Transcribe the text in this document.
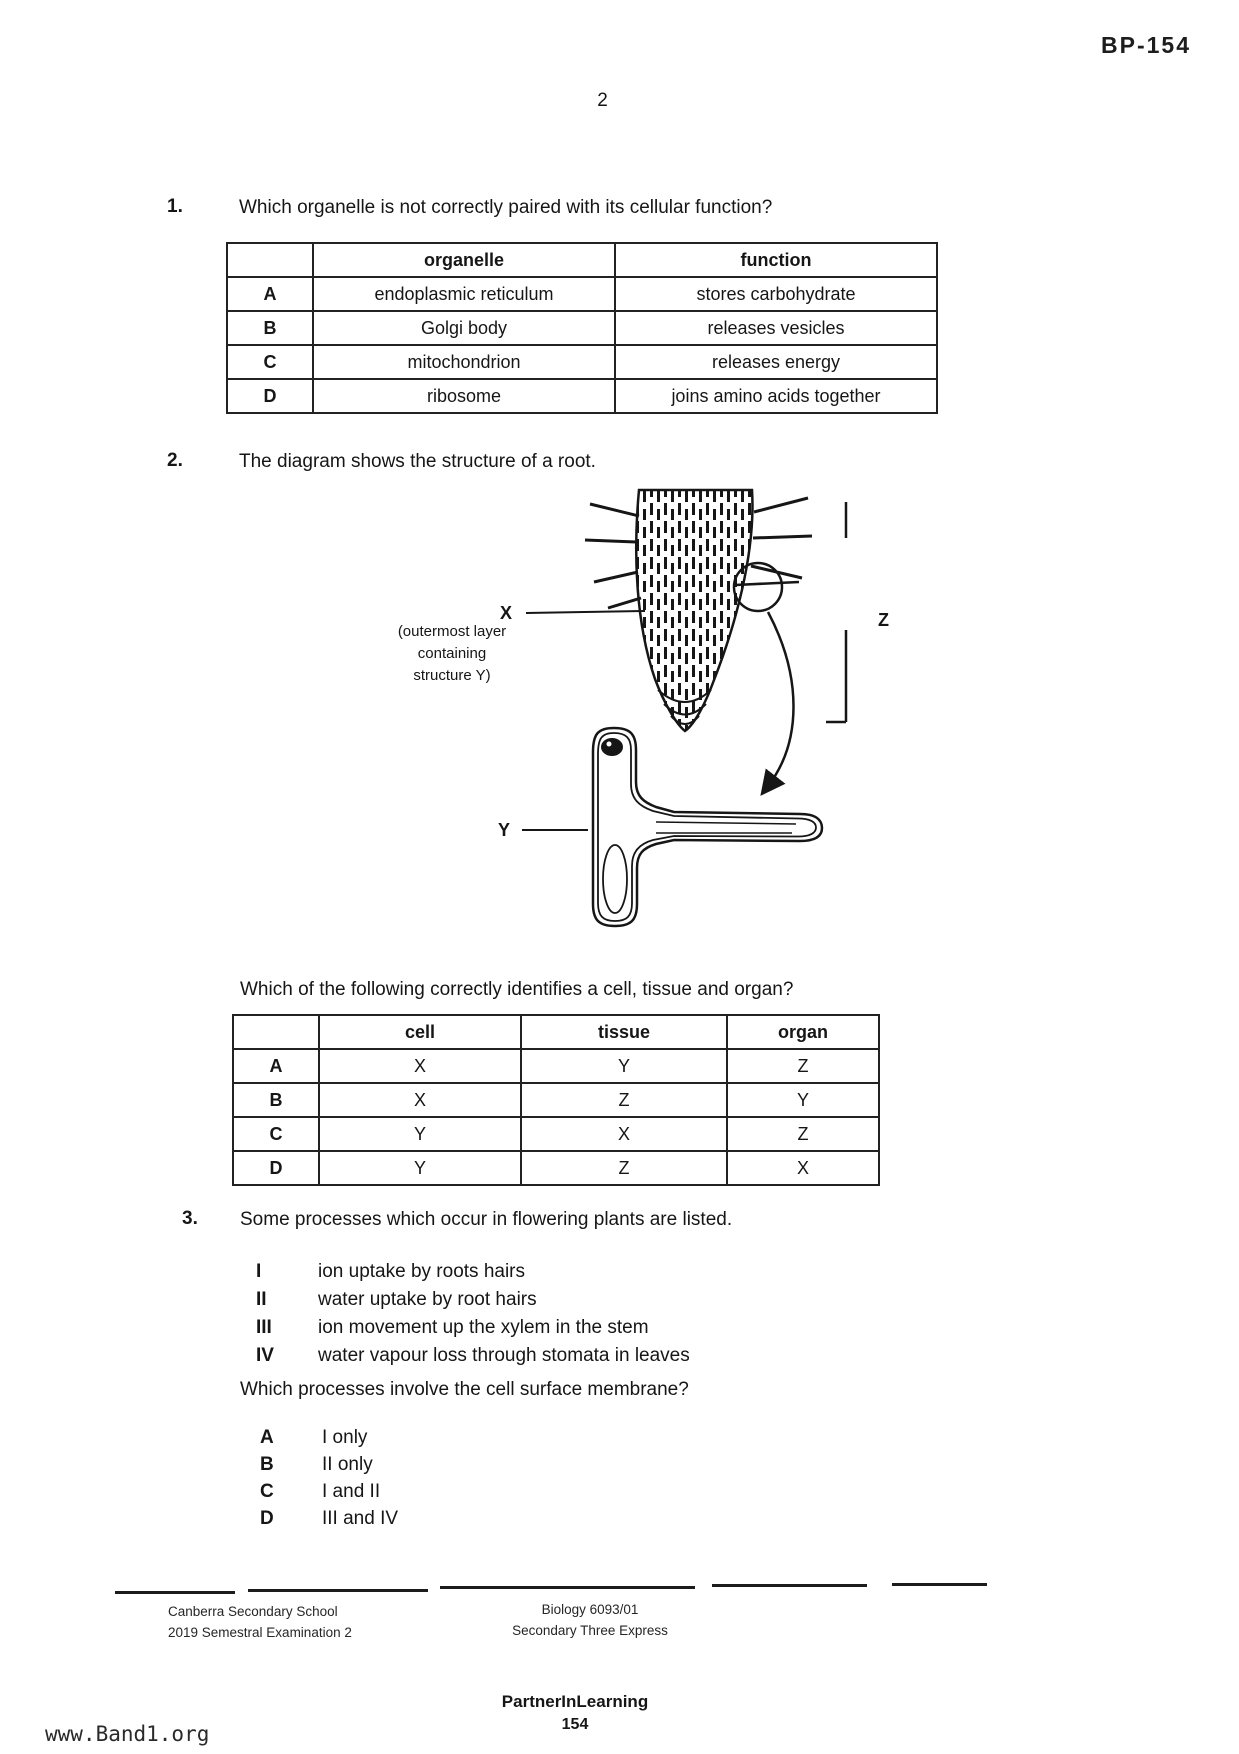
BP-154
2
1.	Which organelle is not correctly paired with its cellular function?
	organelle	function
A	endoplasmic reticulum	stores carbohydrate
B	Golgi body	releases vesicles
C	mitochondrion	releases energy
D	ribosome	joins amino acids together
2.	The diagram shows the structure of a root.
X
(outermost layer
containing
structure Y)
Z
Y
Which of the following correctly identifies a cell, tissue and organ?
	cell	tissue	organ
A	X	Y	Z
B	X	Z	Y
C	Y	X	Z
D	Y	Z	X
3.	Some processes which occur in flowering plants are listed.
I	ion uptake by roots hairs
II	water uptake by root hairs
III	ion movement up the xylem in the stem
IV	water vapour loss through stomata in leaves
Which processes involve the cell surface membrane?
A	I only
B	II only
C	I and II
D	III and IV
Canberra Secondary School
2019 Semestral Examination 2
Biology 6093/01
Secondary Three Express
PartnerInLearning
154
www.Band1.org
